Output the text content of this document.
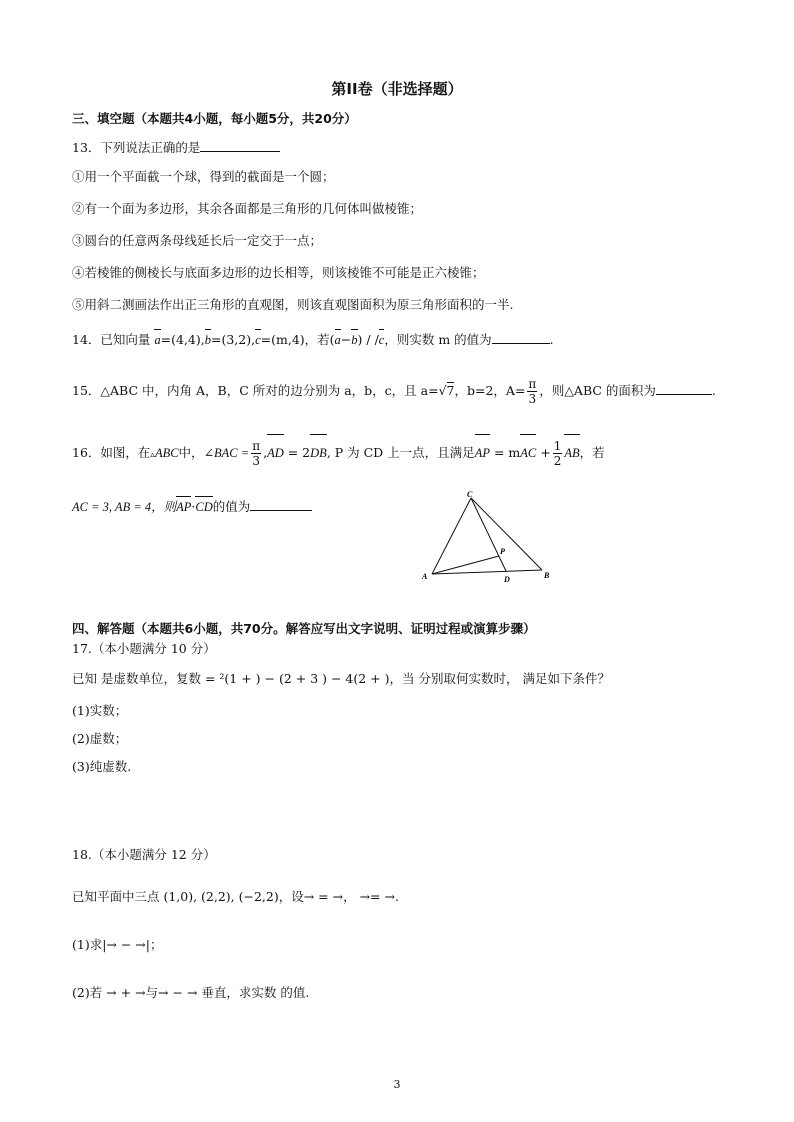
第II卷（非选择题）
三、填空题（本题共4小题，每小题5分，共20分）
13．下列说法正确的是
①用一个平面截一个球，得到的截面是一个圆；
②有一个面为多边形，其余各面都是三角形的几何体叫做棱锥；
③圆台的任意两条母线延长后一定交于一点；
④若棱锥的侧棱长与底面多边形的边长相等，则该棱锥不可能是正六棱锥；
⑤用斜二测画法作出正三角形的直观图，则该直观图面积为原三角形面积的一半.
14．已知向量 a=(4,4),b=(3,2),c=(m,4)，若(a−b) / /c，则实数 m 的值为	.
15．△ABC 中，内角 A，B，C 所对的边分别为 a，b，c，且 a=√7，b=2，$A= \frac{\pi}{3}$ ，则△ABC 的面积为	.
16．如图，在▵ABC中，∠BAC = $\frac{\pi}{3} ,AD = 2DB$, P 为 CD 上一点，且满足AP = mAC + $\frac{1}{2}$ AB，若
AC = 3, AB = 4，则AP·CD的值为
C
P
A	D	B
四、解答题（本题共6小题，共70分。解答应写出文字说明、证明过程或演算步骤）
17.（本小题满分 10 分）
已知 是虚数单位，复数 = ²(1 + ) − (2 + 3 ) − 4(2 + )，当 分别取何实数时， 满足如下条件？
(1)实数；
(2)虚数；
(3)纯虚数.
18.（本小题满分 12 分）
已知平面中三点 (1,0), (2,2), (−2,2)，设→ = →， →= →.
(1)求|→ − →|；
(2)若 → + →与→ − → 垂直，求实数 的值.
3
